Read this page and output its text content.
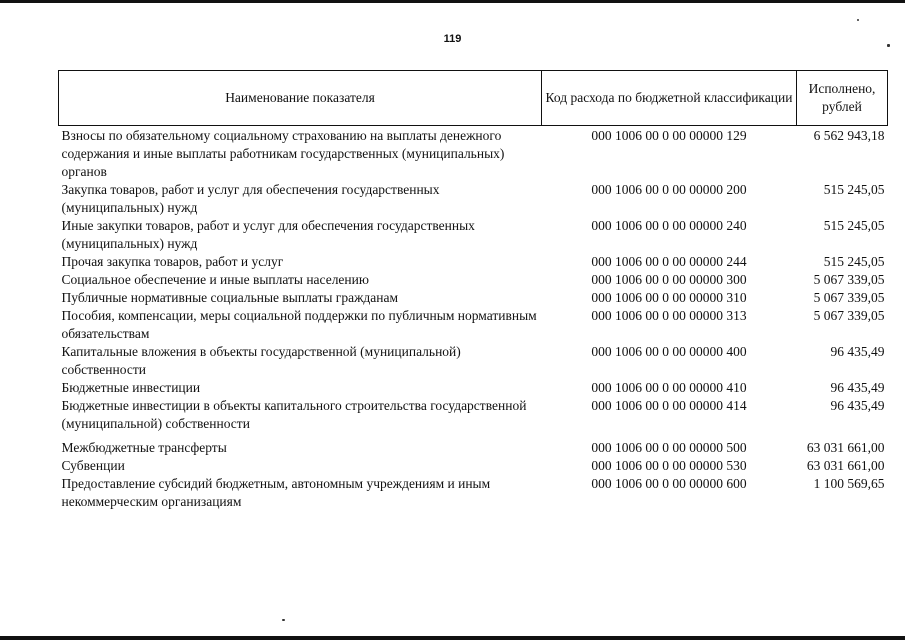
119
Наименование показателя	Код расхода по бюджетной классификации	Исполнено, рублей
Взносы по обязательному социальному страхованию на выплаты денежного содержания и иные выплаты работникам государственных (муниципальных) органов	000 1006 00 0 00 00000 129	6 562 943,18
Закупка товаров, работ и услуг для обеспечения государственных (муниципальных) нужд	000 1006 00 0 00 00000 200	515 245,05
Иные закупки товаров, работ и услуг для обеспечения государственных (муниципальных) нужд	000 1006 00 0 00 00000 240	515 245,05
Прочая закупка товаров, работ и услуг	000 1006 00 0 00 00000 244	515 245,05
Социальное обеспечение и иные выплаты населению	000 1006 00 0 00 00000 300	5 067 339,05
Публичные нормативные социальные выплаты гражданам	000 1006 00 0 00 00000 310	5 067 339,05
Пособия, компенсации, меры социальной поддержки по публичным нормативным обязательствам	000 1006 00 0 00 00000 313	5 067 339,05
Капитальные вложения в объекты государственной (муниципальной) собственности	000 1006 00 0 00 00000 400	96 435,49
Бюджетные инвестиции	000 1006 00 0 00 00000 410	96 435,49
Бюджетные инвестиции в объекты капитального строительства государственной (муниципальной) собственности	000 1006 00 0 00 00000 414	96 435,49
Межбюджетные трансферты	000 1006 00 0 00 00000 500	63 031 661,00
Субвенции	000 1006 00 0 00 00000 530	63 031 661,00
Предоставление субсидий бюджетным, автономным учреждениям и иным некоммерческим организациям	000 1006 00 0 00 00000 600	1 100 569,65
